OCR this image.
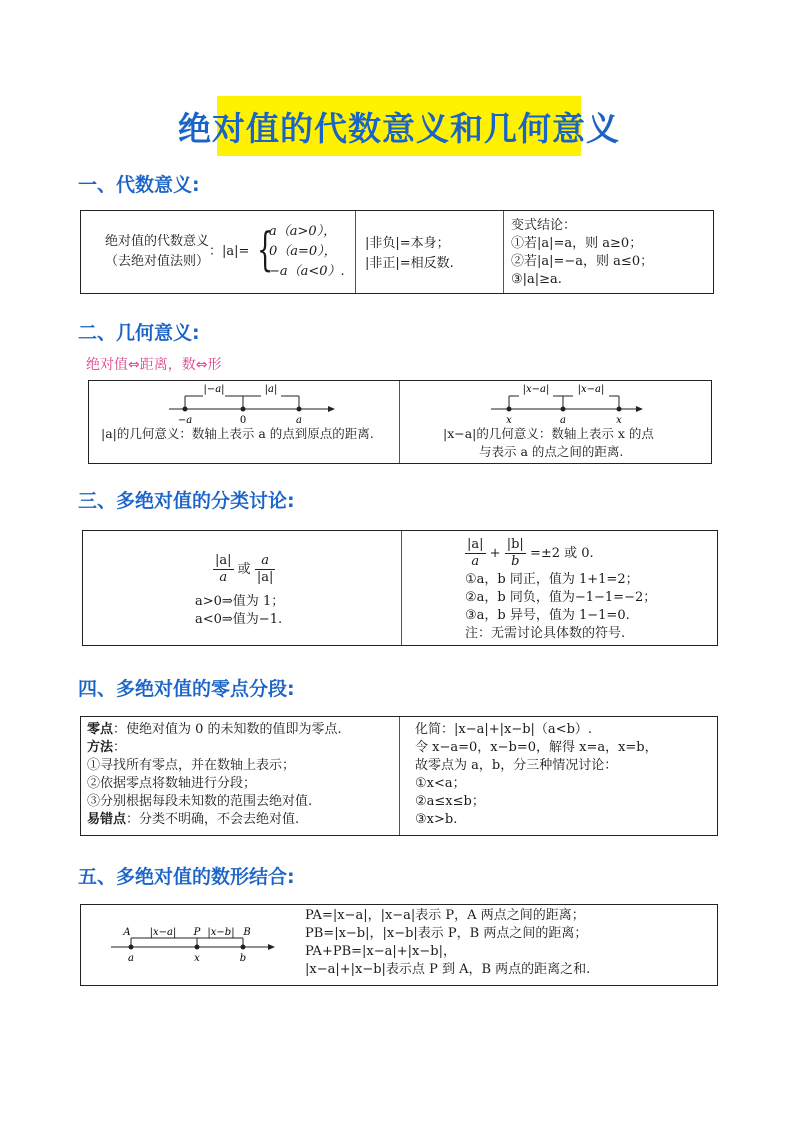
绝对值的代数意义和几何意义
一、代数意义:
绝对值的代数意义
（去绝对值法则）
：|a|= {
a（a>0），
0（a=0），
−a（a<0）.
|非负|=本身；
|非正|=相反数.
变式结论：
①若|a|=a，则 a≥0；
②若|a|=−a，则 a≤0；
③|a|≥a.
二、几何意义:
绝对值⇔距离，数⇔形
|−a|	|a|
−a	0	a
|a|的几何意义：数轴上表示 a 的点到原点的距离.
|x−a|	|x−a|
x	a	x
|x−a|的几何意义：数轴上表示 x 的点
与表示 a 的点之间的距离.
三、多绝对值的分类讨论:
$\frac{|a|}{a}$ 或 $\frac{a}{|a|}$
a>0⇒值为 1；
a<0⇒值为−1.
$\frac{|a|}{a} + \frac{|b|}{b} =\pm 2$ 或 0.
①a，b 同正，值为 1+1=2；
②a，b 同负，值为−1−1=−2；
③a，b 异号，值为 1−1=0.
注：无需讨论具体数的符号.
四、多绝对值的零点分段:
零点：使绝对值为 0 的未知数的值即为零点.
方法：
①寻找所有零点，并在数轴上表示；
②依据零点将数轴进行分段；
③分别根据每段未知数的范围去绝对值.
易错点：分类不明确，不会去绝对值.
化简：|x−a|+|x−b|（a<b）.
令 x−a=0，x−b=0，解得 x=a，x=b，
故零点为 a，b，分三种情况讨论：
①x<a；
②a≤x≤b；
③x>b.
五、多绝对值的数形结合:
A |x−a| P |x−b| B
a	x	b
PA=|x−a|，|x−a|表示 P，A 两点之间的距离；
PB=|x−b|，|x−b|表示 P，B 两点之间的距离；
PA+PB=|x−a|+|x−b|，
|x−a|+|x−b|表示点 P 到 A，B 两点的距离之和.
